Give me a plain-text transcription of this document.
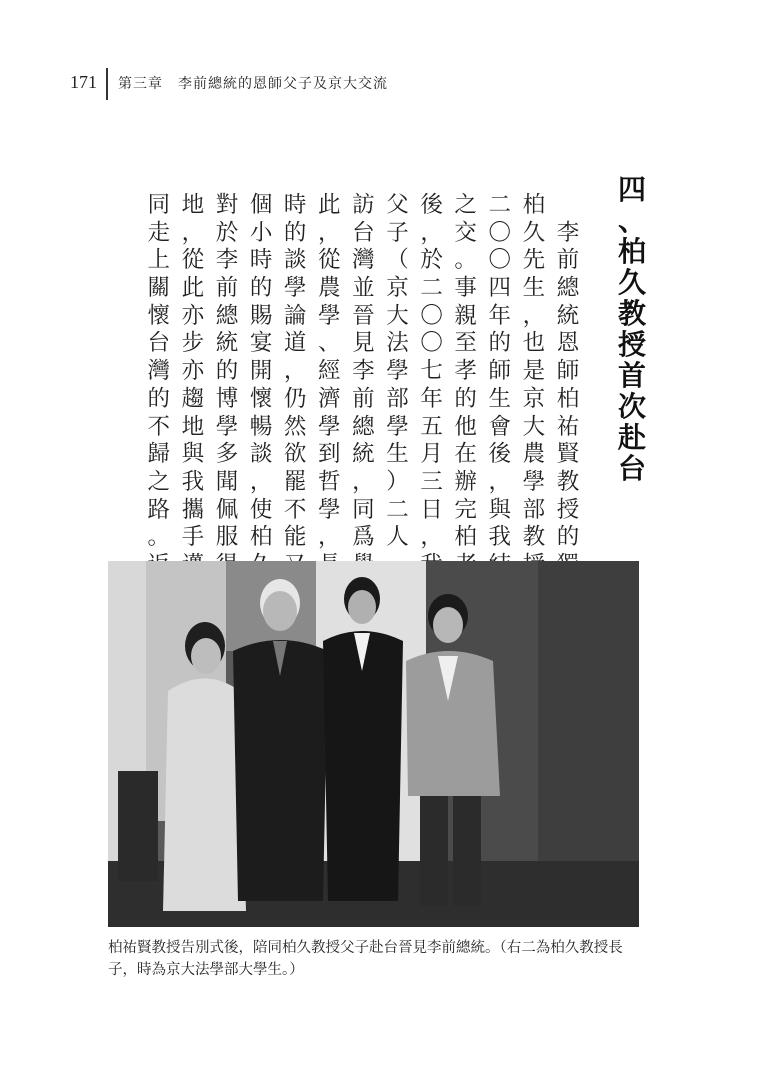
171 第三章　李前總統的恩師父子及京大交流
四
、
柏
久
教
授
首
次
赴
台

李
前
總
統
恩
師
柏
祐
賢
教
授
的
柏
久
先
生
，
也
是
京
大
農
學
部
教
二
〇
〇
四
年
的
師
生
會
後
，
與
我
之
交
。
事
親
至
孝
的
他
在
辦
完
柏
後
，
於
二
〇
〇
七
年
五
月
三
日
，
父
子
（
京
大
法
學
部
學
生
）
二
人
訪
台
灣
並
晉
見
李
前
總
統
，
同
爲
此
，
從
農
學
、
經
濟
學
到
哲
學
，
時
的
談
學
論
道
，
仍
然
欲
罷
不
能
個
小
時
的
賜
宴
開
懷
暢
談
，
使
柏
對
於
李
前
總
統
的
博
學
多
聞
佩
服
地
，
從
此
亦
步
亦
趨
地
與
我
攜
手
同
走
上
關
懷
台
灣
的
不
歸
之
路
。
柏祐賢教授告別式後，陪同柏久教授父子赴台晉見李前總統。（右二為柏久教授長子，時為京大法學部大學生。）
